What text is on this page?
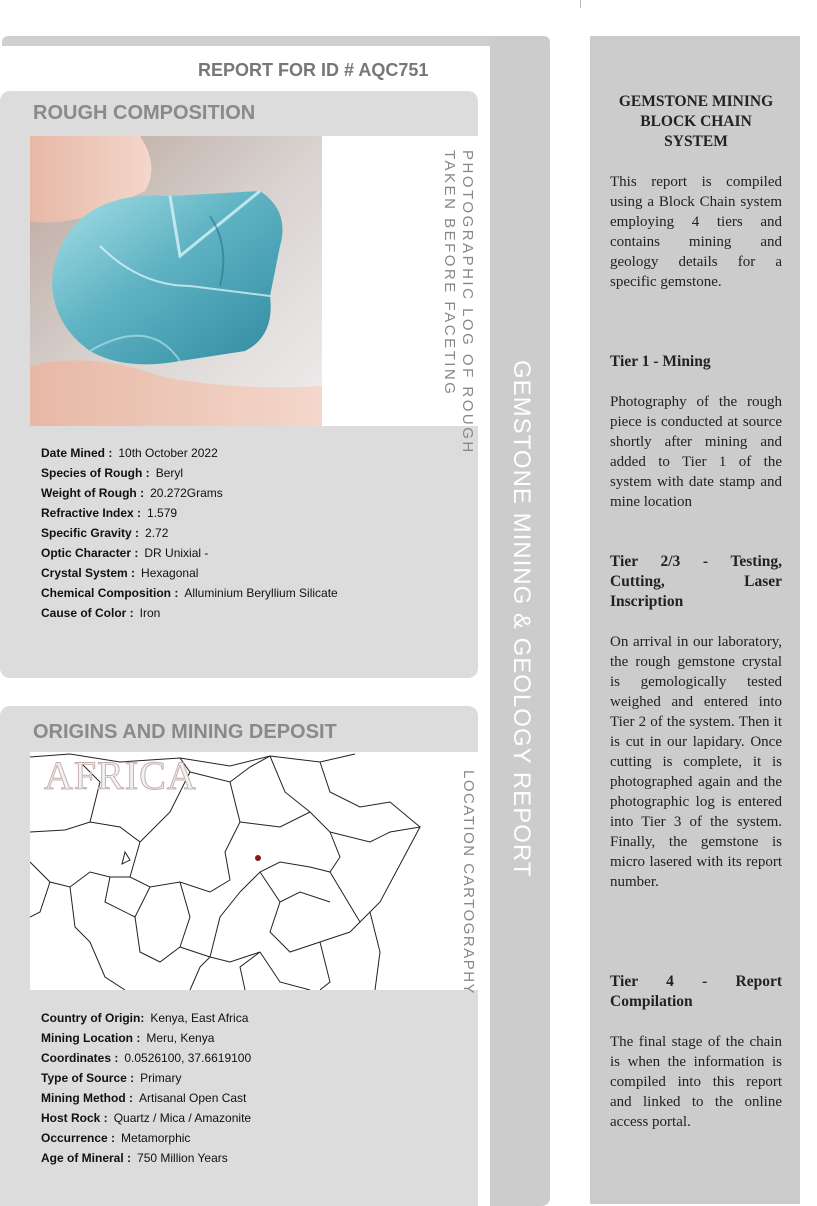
GEMSTONE MINING & GEOLOGY REPORT
REPORT FOR ID # AQC751
ROUGH COMPOSITION
PHOTOGRAPHIC LOG OF ROUGH
TAKEN BEFORE FACETING
Date Mined : 10th October 2022
Species of Rough : Beryl
Weight of Rough : 20.272Grams
Refractive Index : 1.579
Specific Gravity : 2.72
Optic Character : DR Unixial -
Crystal System : Hexagonal
Chemical Composition : Alluminium Beryllium Silicate
Cause of Color : Iron
ORIGINS AND MINING DEPOSIT
AFRICA	LOCATION CARTOGRAPHY
Country of Origin: Kenya, East Africa
Mining Location : Meru, Kenya
Coordinates : 0.0526100, 37.6619100
Type of Source : Primary
Mining Method : Artisanal Open Cast
Host Rock : Quartz / Mica / Amazonite
Occurrence : Metamorphic
Age of Mineral : 750 Million Years
GEMSTONE MINING BLOCK CHAIN SYSTEM
This report is compiled using a Block Chain system employing 4 tiers and contains mining and geology details for a specific gemstone.
Tier 1 - Mining
Photography of the rough piece is conducted at source shortly after mining and added to Tier 1 of the system with date stamp and mine location
Tier 2/3 - Testing, Cutting, Laser Inscription
On arrival in our laboratory, the rough gemstone crystal is gemologically tested weighed and entered into Tier 2 of the system. Then it is cut in our lapidary. Once cutting is complete, it is photographed again and the photographic log is entered into Tier 3 of the system. Finally, the gemstone is micro lasered with its report number.
Tier 4 - Report Compilation
The final stage of the chain is when the information is compiled into this report and linked to the online access portal.
